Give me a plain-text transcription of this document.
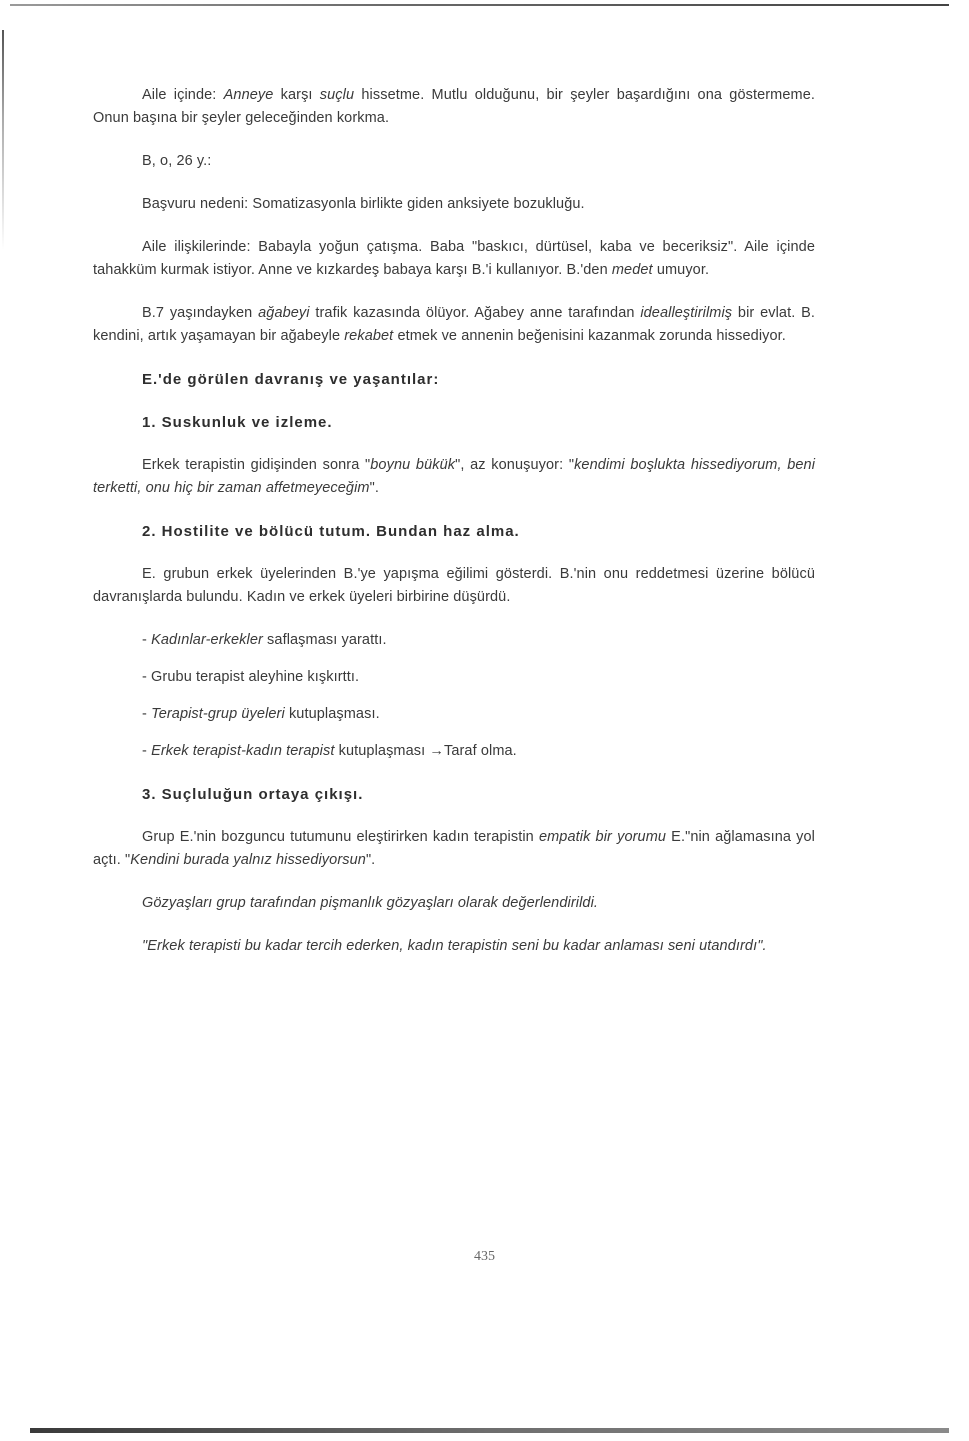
Aile içinde: Anneye karşı suçlu hissetme. Mutlu olduğunu, bir şeyler başardığını ona göstermeme. Onun başına bir şeyler geleceğinden korkma.

B, o, 26 y.:

Başvuru nedeni: Somatizasyonla birlikte giden anksiyete bozukluğu.

Aile ilişkilerinde: Babayla yoğun çatışma. Baba "baskıcı, dürtüsel, kaba ve beceriksiz". Aile içinde tahakküm kurmak istiyor. Anne ve kızkardeş babaya karşı B.'i kullanıyor. B.'den medet umuyor.

B.7 yaşındayken ağabeyi trafik kazasında ölüyor. Ağabey anne tarafından idealleştirilmiş bir evlat. B. kendini, artık yaşamayan bir ağabeyle rekabet etmek ve annenin beğenisini kazanmak zorunda hissediyor.

E.'de görülen davranış ve yaşantılar:
1. Suskunluk ve izleme.

Erkek terapistin gidişinden sonra "boynu bükük", az konuşuyor: "kendimi boşlukta hissediyorum, beni terketti, onu hiç bir zaman affetmeyeceğim".

2. Hostilite ve bölücü tutum. Bundan haz alma.

E. grubun erkek üyelerinden B.'ye yapışma eğilimi gösterdi. B.'nin onu reddetmesi üzerine bölücü davranışlarda bulundu. Kadın ve erkek üyeleri birbirine düşürdü.

- Kadınlar-erkekler saflaşması yarattı.

- Grubu terapist aleyhine kışkırttı.

- Terapist-grup üyeleri kutuplaşması.

- Erkek terapist-kadın terapist kutuplaşması →Taraf olma.

3. Suçluluğun ortaya çıkışı.

Grup E.'nin bozguncu tutumunu eleştirirken kadın terapistin empatik bir yorumu E."nin ağlamasına yol açtı. "Kendini burada yalnız hissediyorsun".

Gözyaşları grup tarafından pişmanlık gözyaşları olarak değerlendirildi.

"Erkek terapisti bu kadar tercih ederken, kadın terapistin seni bu kadar anlaması seni utandırdı".

435
